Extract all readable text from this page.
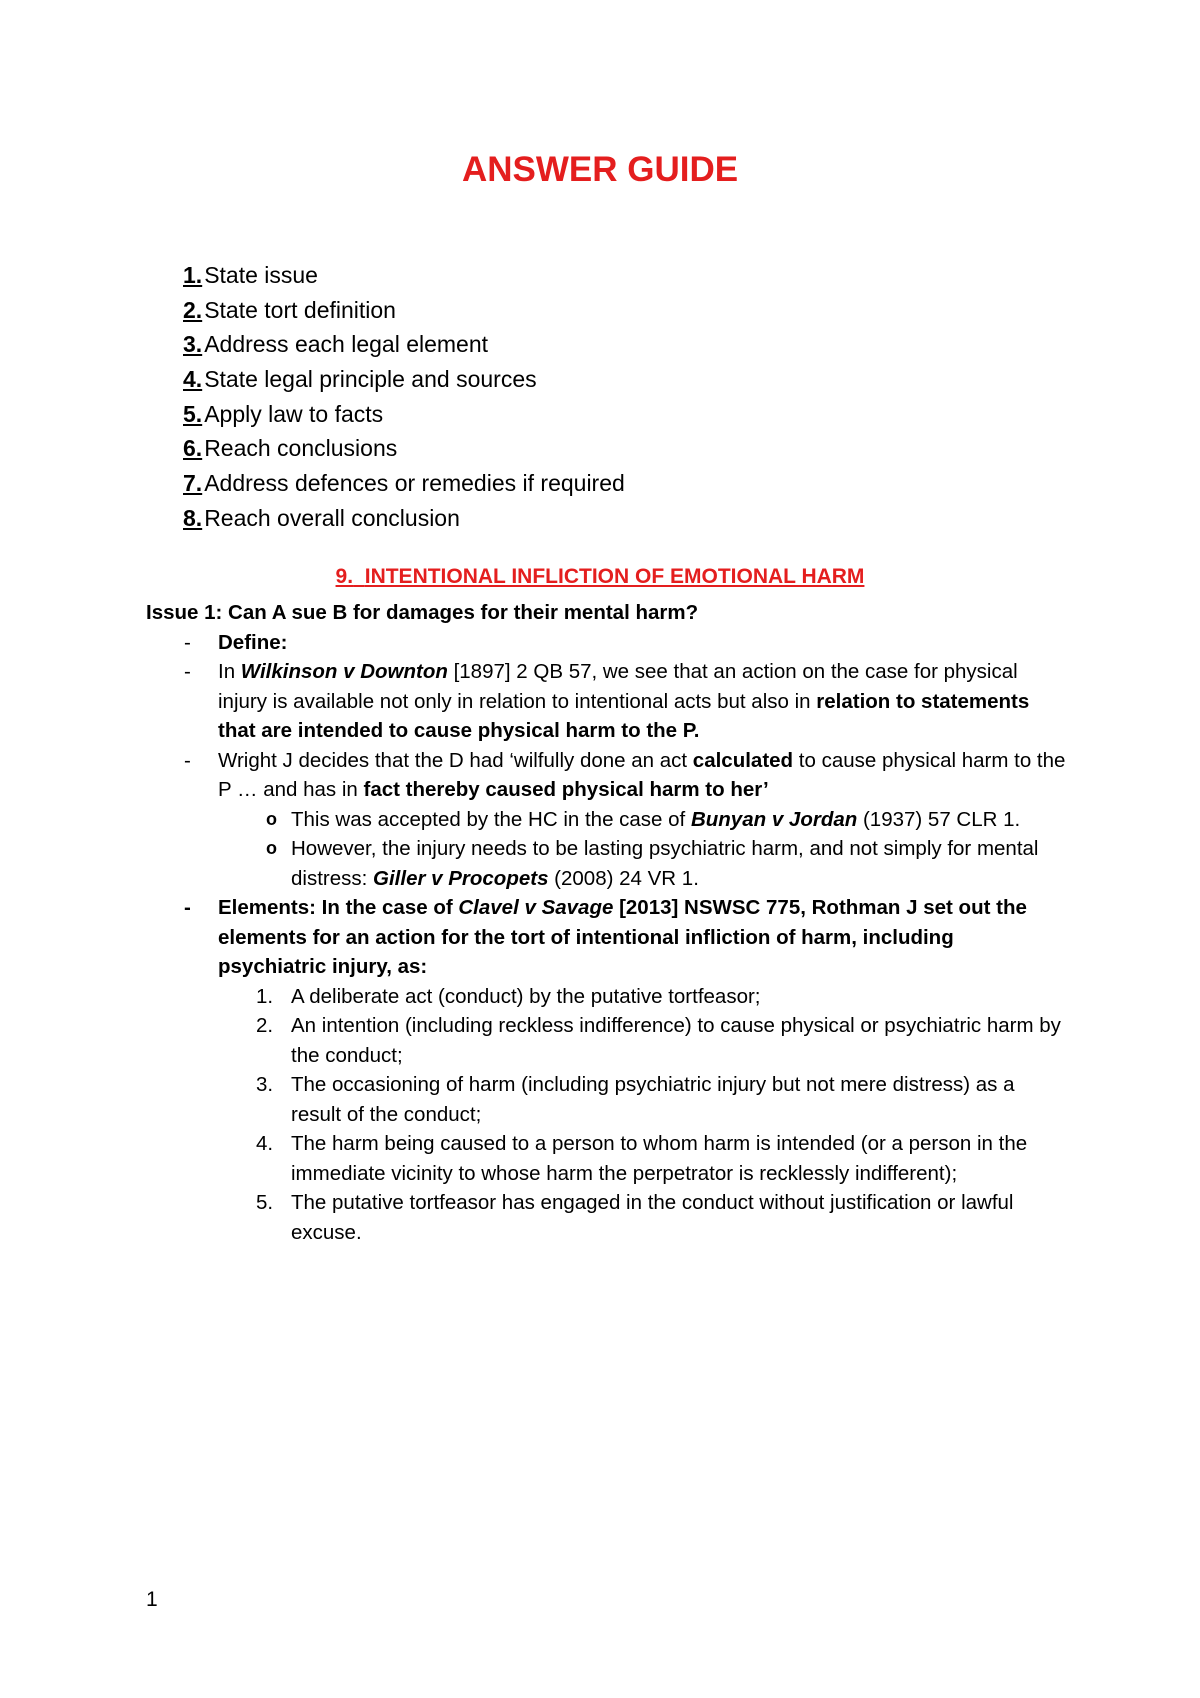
ANSWER GUIDE
1.State issue
2.State tort definition
3.Address each legal element
4.State legal principle and sources
5.Apply law to facts
6.Reach conclusions
7.Address defences or remedies if required
8.Reach overall conclusion
9. INTENTIONAL INFLICTION OF EMOTIONAL HARM
Issue 1: Can A sue B for damages for their mental harm?
- Define:
- In Wilkinson v Downton [1897] 2 QB 57, we see that an action on the case for physical injury is available not only in relation to intentional acts but also in relation to statements that are intended to cause physical harm to the P.
- Wright J decides that the D had ‘wilfully done an act calculated to cause physical harm to the P … and has in fact thereby caused physical harm to her’
o This was accepted by the HC in the case of Bunyan v Jordan (1937) 57 CLR 1.
o However, the injury needs to be lasting psychiatric harm, and not simply for mental distress: Giller v Procopets (2008) 24 VR 1.
- Elements: In the case of Clavel v Savage [2013] NSWSC 775, Rothman J set out the elements for an action for the tort of intentional infliction of harm, including psychiatric injury, as:
1. A deliberate act (conduct) by the putative tortfeasor;
2. An intention (including reckless indifference) to cause physical or psychiatric harm by the conduct;
3. The occasioning of harm (including psychiatric injury but not mere distress) as a result of the conduct;
4. The harm being caused to a person to whom harm is intended (or a person in the immediate vicinity to whose harm the perpetrator is recklessly indifferent);
5. The putative tortfeasor has engaged in the conduct without justification or lawful excuse.
1
